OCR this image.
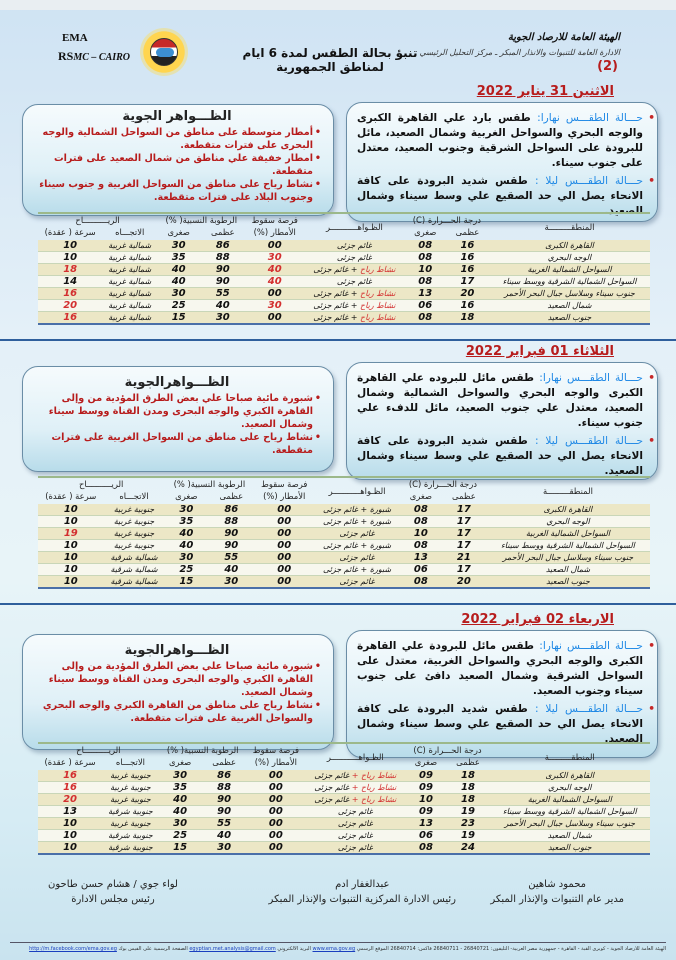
EMA
RSMC – CAIRO	تنبؤ بحالة الطقس لمدة 6 ايام لمناطق الجمهورية
الهيئة العامة للارصاد الجوية
الادارة العامة للتنبوات والانذار المبكر ـ مركز التحليل الرئيسي
(2)
الاثنين 31 يناير 2022
• حـــالة الطقـــس نهارا: طقس بارد علي القاهرة الكبرى والوجه البحري والسواحل الغربية وشمال الصعيد، مائل للبرودة على السواحل الشرقية وجنوب الصعيد، معتدل على جنوب سيناء.
• حـــالة الطقـــس ليلا : طقس شديد البرودة على كافة الانحاء يصل الي حد الصقيع علي وسط سيناء وشمال الصعيد.
الظـــواهر الجوية
• أمطار متوسطة على مناطق من السواحل الشمالية والوجه البحرى على فترات متقطعة.
• امطار خفيفة علي مناطق من شمال الصعيد على فترات متقطعة.
• نشاط رياح على مناطق من السواحل الغربية و جنوب سيناء وجنوب البلاد على فترات متقطعة.
المنطقـــــــــة	درجة الحـــرارة (C)		الظـواهـــــــــــر	فرصة سقوط	الرطوبة النسبية( %)		الريــــــــــاح	
	عظمى	صغرى		الأمطار (%)	عظمى	صغرى	الاتجـــاه	سرعة ( عقدة)
القاهرة الكبرى	16	08	غائم جزئى	00	86	30	شمالية غربية	10
الوجه البحري	16	08	غائم جزئى	30	88	35	شمالية غربية	10
السواحل الشمالية الغربية	16	10	نشاط رياح + غائم جزئى	40	90	40	شمالية غربية	18
السواحل الشمالية الشرقية ووسط سيناء	17	08	غائم جزئى	40	90	40	شمالية غربية	14
جنوب سيناء وسلاسل جبال البحر الأحمر	20	13	نشاط رياح + غائم جزئى	00	55	30	شمالية غربية	16
شمال الصعيد	16	06	نشاط رياح + غائم جزئى	30	40	25	شمالية غربية	20
جنوب الصعيد	18	08	نشاط رياح + غائم جزئى	00	30	15	شمالية غربية	16
الثلاثاء 01 فبراير 2022
• حـــالة الطقـــس نهارا: طقس مائل للبروده علي القاهرة الكبرى والوجه البحري والسواحل الشمالية وشمال الصعيد، معتدل علي جنوب الصعيد، مائل للدفء علي جنوب سيناء.
• حـــالة الطقـــس ليلا : طقس شديد البرودة على كافة الانحاء يصل الي حد الصقيع علي وسط سيناء وشمال الصعيد.
الظـــواهرالجوية
• شبورة مائية صباحا علي بعض الطرق المؤدية من وإلى القاهرة الكبري والوجه البحرى ومدن القناة ووسط سيناء وشمال الصعيد.
• نشاط رياح على مناطق من السواحل الغربية على فترات متقطعة.
المنطقـــــــــة	درجة الحـــرارة (C)		الظـواهـــــــــــر	فرصة سقوط	الرطوبة النسبية( %)		الريــــــــــاح	
	عظمى	صغرى		الأمطار (%)	عظمى	صغرى	الاتجـــاه	سرعة ( عقدة)
القاهرة الكبرى	17	08	شبورة + غائم جزئى	00	86	30	جنوبية غربية	10
الوجه البحري	17	08	شبورة + غائم جزئى	00	88	35	جنوبية غربية	10
السواحل الشمالية الغربية	17	10	غائم جزئى	00	90	40	جنوبية غربية	19
السواحل الشمالية الشرقية ووسط سيناء	17	08	شبورة + غائم جزئى	00	90	40	جنوبية غربية	10
جنوب سيناء وسلاسل جبال البحر الأحمر	21	13	غائم جزئى	00	55	30	شمالية شرقية	10
شمال الصعيد	17	06	شبورة + غائم جزئى	00	40	25	شمالية شرقية	10
جنوب الصعيد	20	08	غائم جزئى	00	30	15	شمالية شرقية	10
الاربعاء 02 فبراير 2022
• حـــالة الطقـــس نهارا: طقس مائل للبرودة علي القاهرة الكبرى والوجه البحري والسواحل الغربية، معتدل على السواحل الشرقية وشمال الصعيد دافئ على جنوب سيناء وجنوب الصعيد.
• حـــالة الطقـــس ليلا : طقس شديد البرودة على كافة الانحاء يصل الي حد الصقيع علي وسط سيناء وشمال الصعيد.
الظـــواهرالجوية
• شبورة مائية صباحا علي بعض الطرق المؤدية من وإلى القاهرة الكبري والوجه البحرى ومدن القناة ووسط سيناء وشمال الصعيد.
• نشاط رياح على مناطق من القاهرة الكبري والوجه البحري والسواحل الغربية على فترات متقطعة.
المنطقـــــــــة	درجة الحـــرارة (C)		الظـواهـــــــــــر	فرصة سقوط	الرطوبة النسبية( %)		الريــــــــــاح	
	عظمى	صغرى		الأمطار (%)	عظمى	صغرى	الاتجـــاه	سرعة ( عقدة)
القاهرة الكبرى	18	09	نشاط رياح + غائم جزئى	00	86	30	جنوبية غربية	16
الوجه البحري	18	09	نشاط رياح + غائم جزئى	00	88	35	جنوبية غربية	16
السواحل الشمالية الغربية	18	10	نشاط رياح + غائم جزئى	00	90	40	جنوبية غربية	20
السواحل الشمالية الشرقية ووسط سيناء	19	09	غائم جزئى	00	90	40	جنوبية شرقية	13
جنوب سيناء وسلاسل جبال البحر الأحمر	23	13	غائم جزئى	00	55	30	جنوبية غربية	10
شمال الصعيد	19	06	غائم جزئى	00	40	25	جنوبية شرقية	10
جنوب الصعيد	24	08	غائم جزئى	00	30	15	جنوبية شرقية	10
محمود شاهين
مدير عام التنبوات والإنذار المبكر
عبدالغفار ادم
رئيس الادارة المركزية التنبوات والإنذار المبكر
لواء جوي / هشام حسن طاحون
رئيس مجلس الادارة
الهيئة العامة للارصاد الجوية - كوبرى القبة - القاهرة - جمهورية مصر العربية- التليفون: 26840721 - 26840711 فاكس: 26840714 الموقع الرسمي www.ema.gov.eg البريد الالكتروني egyptian.met.analysis@gmail.com الصفحة الرسمية على الفيس بوك http://m.facebook.com/ema.gov.eg
